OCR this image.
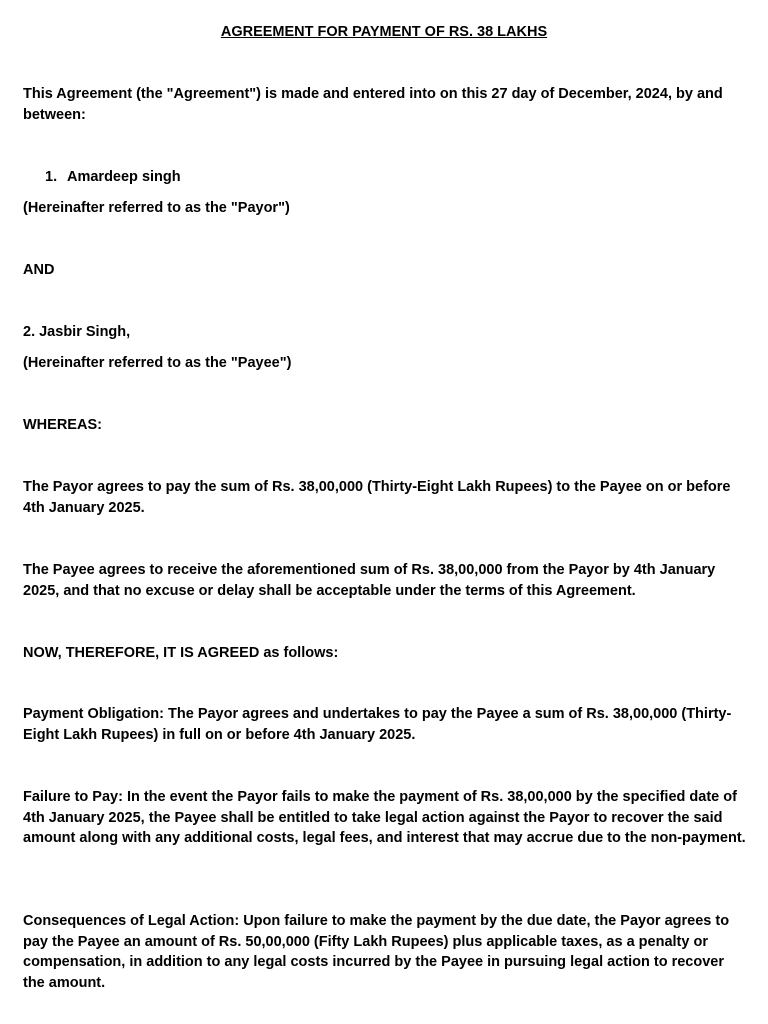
AGREEMENT FOR PAYMENT OF RS. 38 LAKHS

This Agreement (the "Agreement") is made and entered into on this 27 day of December, 2024, by and between:

1. Amardeep singh

(Hereinafter referred to as the "Payor")

AND

2. Jasbir Singh,

(Hereinafter referred to as the "Payee")

WHEREAS:

The Payor agrees to pay the sum of Rs. 38,00,000 (Thirty-Eight Lakh Rupees) to the Payee on or before 4th January 2025.

The Payee agrees to receive the aforementioned sum of Rs. 38,00,000 from the Payor by 4th January 2025, and that no excuse or delay shall be acceptable under the terms of this Agreement.

NOW, THEREFORE, IT IS AGREED as follows:

Payment Obligation: The Payor agrees and undertakes to pay the Payee a sum of Rs. 38,00,000 (Thirty-Eight Lakh Rupees) in full on or before 4th January 2025.

Failure to Pay: In the event the Payor fails to make the payment of Rs. 38,00,000 by the specified date of 4th January 2025, the Payee shall be entitled to take legal action against the Payor to recover the said amount along with any additional costs, legal fees, and interest that may accrue due to the non-payment.

Consequences of Legal Action: Upon failure to make the payment by the due date, the Payor agrees to pay the Payee an amount of Rs. 50,00,000 (Fifty Lakh Rupees) plus applicable taxes, as a penalty or compensation, in addition to any legal costs incurred by the Payee in pursuing legal action to recover the amount.
